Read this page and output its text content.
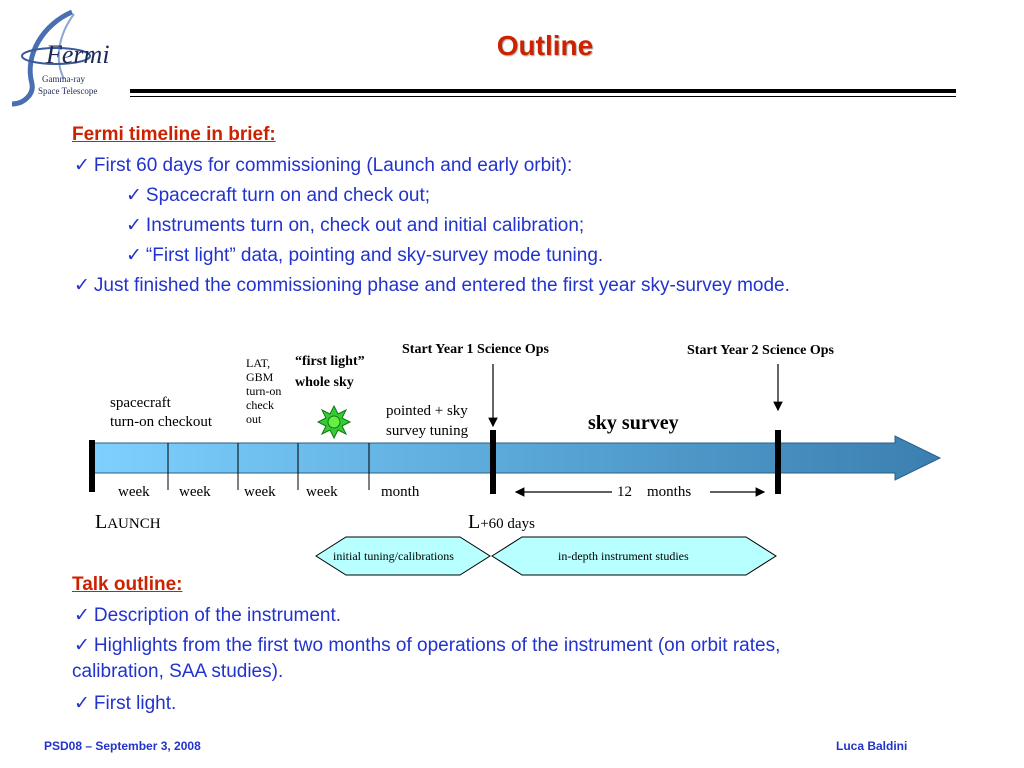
Fermi
Gamma-ray
Space Telescope
Outline
Fermi timeline in brief:
✓ First 60 days for commissioning (Launch and early orbit):
✓ Spacecraft turn on and check out;
✓ Instruments turn on, check out and initial calibration;
✓ “First light” data, pointing and sky-survey mode tuning.
✓ Just finished the commissioning phase and entered the first year sky-survey mode.
Start Year 1 Science Ops	Start Year 2 Science Ops
“first light”
whole sky
LAT,
GBM
turn-on
check
out
spacecraft
turn-on checkout
pointed + sky
survey tuning	sky survey
week week week week	month	12 months
LAUNCH	L+60 days
initial tuning/calibrations	in-depth instrument studies
Talk outline:
✓ Description of the instrument.
✓ Highlights from the first two months of operations of the instrument (on orbit rates,
calibration, SAA studies).
✓ First light.
PSD08 – September 3, 2008	Luca Baldini
